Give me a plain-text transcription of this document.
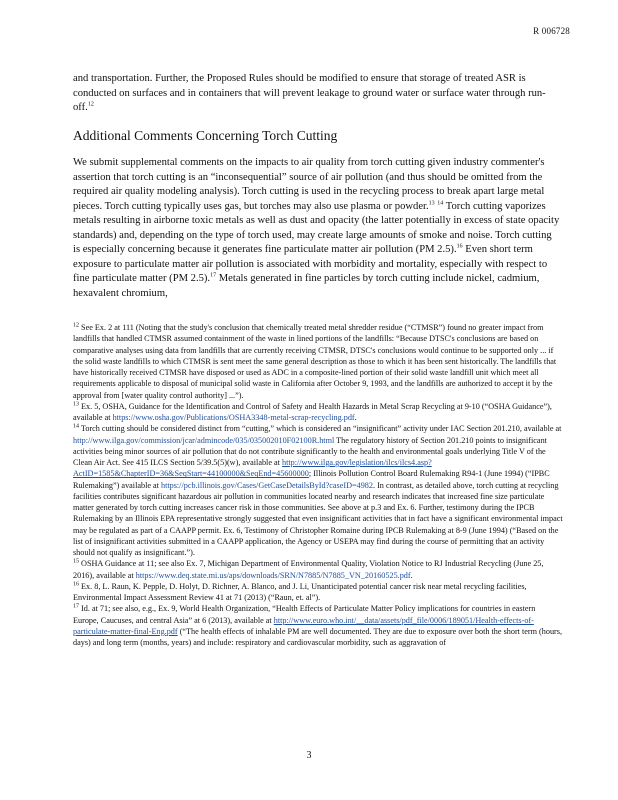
R 006728
and transportation. Further, the Proposed Rules should be modified to ensure that storage of treated ASR is conducted on surfaces and in containers that will prevent leakage to ground water or surface water through run-off.$^{12}$
Additional Comments Concerning Torch Cutting
We submit supplemental comments on the impacts to air quality from torch cutting given industry commenter's assertion that torch cutting is an “inconsequential” source of air pollution (and thus should be omitted from the required air quality modeling analysis). Torch cutting is used in the recycling process to break apart large metal pieces. Torch cutting typically uses gas, but torches may also use plasma or powder.$^{13}$ $^{14}$ Torch cutting vaporizes metals resulting in airborne toxic metals as well as dust and opacity (the latter potentially in excess of state opacity standards) and, depending on the type of torch used, may create large amounts of smoke and noise. Torch cutting is especially concerning because it generates fine particulate matter air pollution (PM 2.5).$^{16}$ Even short term exposure to particulate matter air pollution is associated with morbidity and mortality, especially with respect to fine particulate matter (PM 2.5).$^{17}$ Metals generated in fine particles by torch cutting include nickel, cadmium, hexavalent chromium,

$^{12}$ See Ex. 2 at 111 (Noting that the study's conclusion that chemically treated metal shredder residue (“CTMSR”) found no greater impact from landfills that handled CTMSR assumed containment of the waste in lined portions of the landfills: “Because DTSC's conclusions are based on comparative analyses using data from landfills that are currently receiving CTMSR, DTSC's conclusions would continue to be supported only ... if the solid waste landfills to which CTMSR is sent meet the same general description as those to which it has been sent historically. The landfills that have historically received CTMSR have disposed or used as ADC in a composite-lined portion of their solid waste landfill unit which meet all requirements applicable to disposal of municipal solid waste in California after October 9, 1993, and the landfills are authorized to accept it by the approval from [water quality control authority] ...”).

$^{13}$ Ex. 5, OSHA, Guidance for the Identification and Control of Safety and Health Hazards in Metal Scrap Recycling at 9-10 (“OSHA Guidance”), available at https://www.osha.gov/Publications/OSHA3348-metal-scrap-recycling.pdf.

$^{14}$ Torch cutting should be considered distinct from “cutting,” which is considered an “insignificant” activity under IAC Section 201.210, available at http://www.ilga.gov/commission/jcar/admincode/035/035002010F02100R.html The regulatory history of Section 201.210 points to insignificant activities being minor sources of air pollution that do not contribute significantly to the health and environmental goals underlying Title V of the Clean Air Act. See 415 ILCS Section 5/39.5(5)(w), available at http://www.ilga.gov/legislation/ilcs/ilcs4.asp?ActID=1585&ChapterID=36&SeqStart=44100000&SeqEnd=45600000; Illinois Pollution Control Board Rulemaking R94-1 (June 1994) (“IPBC Rulemaking”) available at https://pcb.illinois.gov/Cases/GetCaseDetailsById?caseID=4982. In contrast, as detailed above, torch cutting at recycling facilities contributes significant hazardous air pollution in communities located nearby and research indicates that increased fine size particulate matter generated by torch cutting increases cancer risk in those communities. See above at p.3 and Ex. 6. Further, testimony during the IPCB Rulemaking by an Illinois EPA representative strongly suggested that even insignificant activities that in fact have a significant environmental impact may be regulated as part of a CAAPP permit. Ex. 6, Testimony of Christopher Romaine during IPCB Rulemaking at 8-9 (June 1994) (“Based on the list of insignificant activities submitted in a CAAPP application, the Agency or USEPA may find during the course of permitting that an activity should not qualify as insignificant.”).

$^{15}$ OSHA Guidance at 11; see also Ex. 7, Michigan Department of Environmental Quality, Violation Notice to RJ Industrial Recycling (June 25, 2016), available at https://www.deq.state.mi.us/aps/downloads/SRN/N7885/N7885_VN_20160525.pdf.

$^{16}$ Ex. 8, L. Raun, K. Pepple, D. Holyt, D. Richner, A. Blanco, and J. Li, Unanticipated potential cancer risk near metal recycling facilities, Environmental Impact Assessment Review 41 at 71 (2013) (“Raun, et. al”).

$^{17}$ Id. at 71; see also, e.g., Ex. 9, World Health Organization, “Health Effects of Particulate Matter Policy implications for countries in eastern Europe, Caucuses, and central Asia” at 6 (2013), available at http://www.euro.who.int/__data/assets/pdf_file/0006/189051/Health-effects-of-particulate-matter-final-Eng.pdf (“The health effects of inhalable PM are well documented. They are due to exposure over both the short term (hours, days) and long term (months, years) and include: respiratory and cardiovascular morbidity, such as aggravation of

3
